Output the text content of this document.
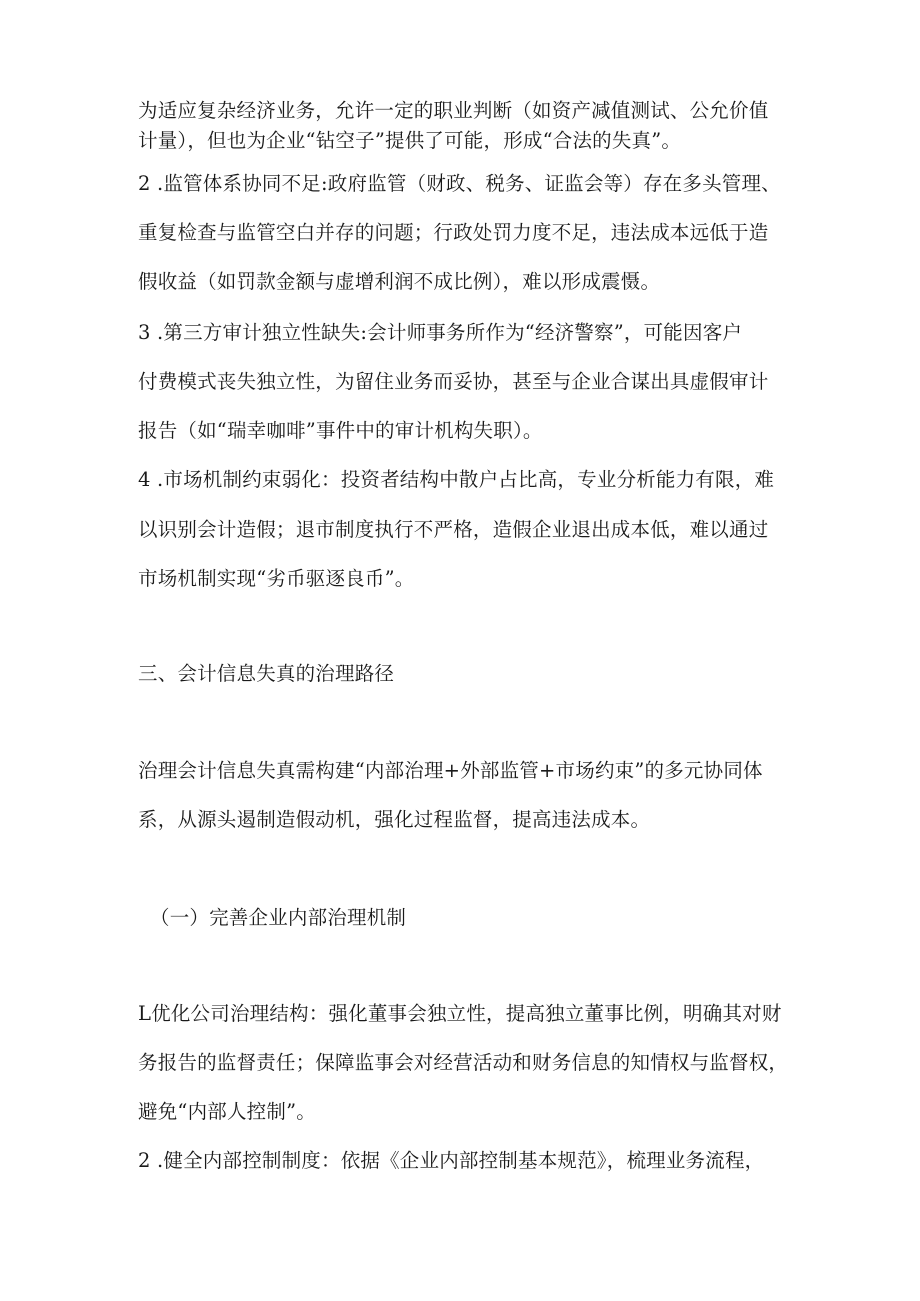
为适应复杂经济业务，允许一定的职业判断（如资产减值测试、公允价值
计量），但也为企业“钻空子”提供了可能，形成“合法的失真”。
2 .监管体系协同不足:政府监管（财政、税务、证监会等）存在多头管理、
重复检查与监管空白并存的问题；行政处罚力度不足，违法成本远低于造
假收益（如罚款金额与虚增利润不成比例），难以形成震慑。
3 .第三方审计独立性缺失:会计师事务所作为“经济警察”，可能因客户
付费模式丧失独立性，为留住业务而妥协，甚至与企业合谋出具虚假审计
报告（如“瑞幸咖啡”事件中的审计机构失职）。
4 .市场机制约束弱化：投资者结构中散户占比高，专业分析能力有限，难
以识别会计造假；退市制度执行不严格，造假企业退出成本低，难以通过
市场机制实现“劣币驱逐良币”。
三、会计信息失真的治理路径
治理会计信息失真需构建“内部治理+外部监管+市场约束”的多元协同体
系，从源头遏制造假动机，强化过程监督，提高违法成本。
（一）完善企业内部治理机制
L优化公司治理结构：强化董事会独立性，提高独立董事比例，明确其对财
务报告的监督责任；保障监事会对经营活动和财务信息的知情权与监督权，
避免“内部人控制”。
2 .健全内部控制制度：依据《企业内部控制基本规范》，梳理业务流程，
